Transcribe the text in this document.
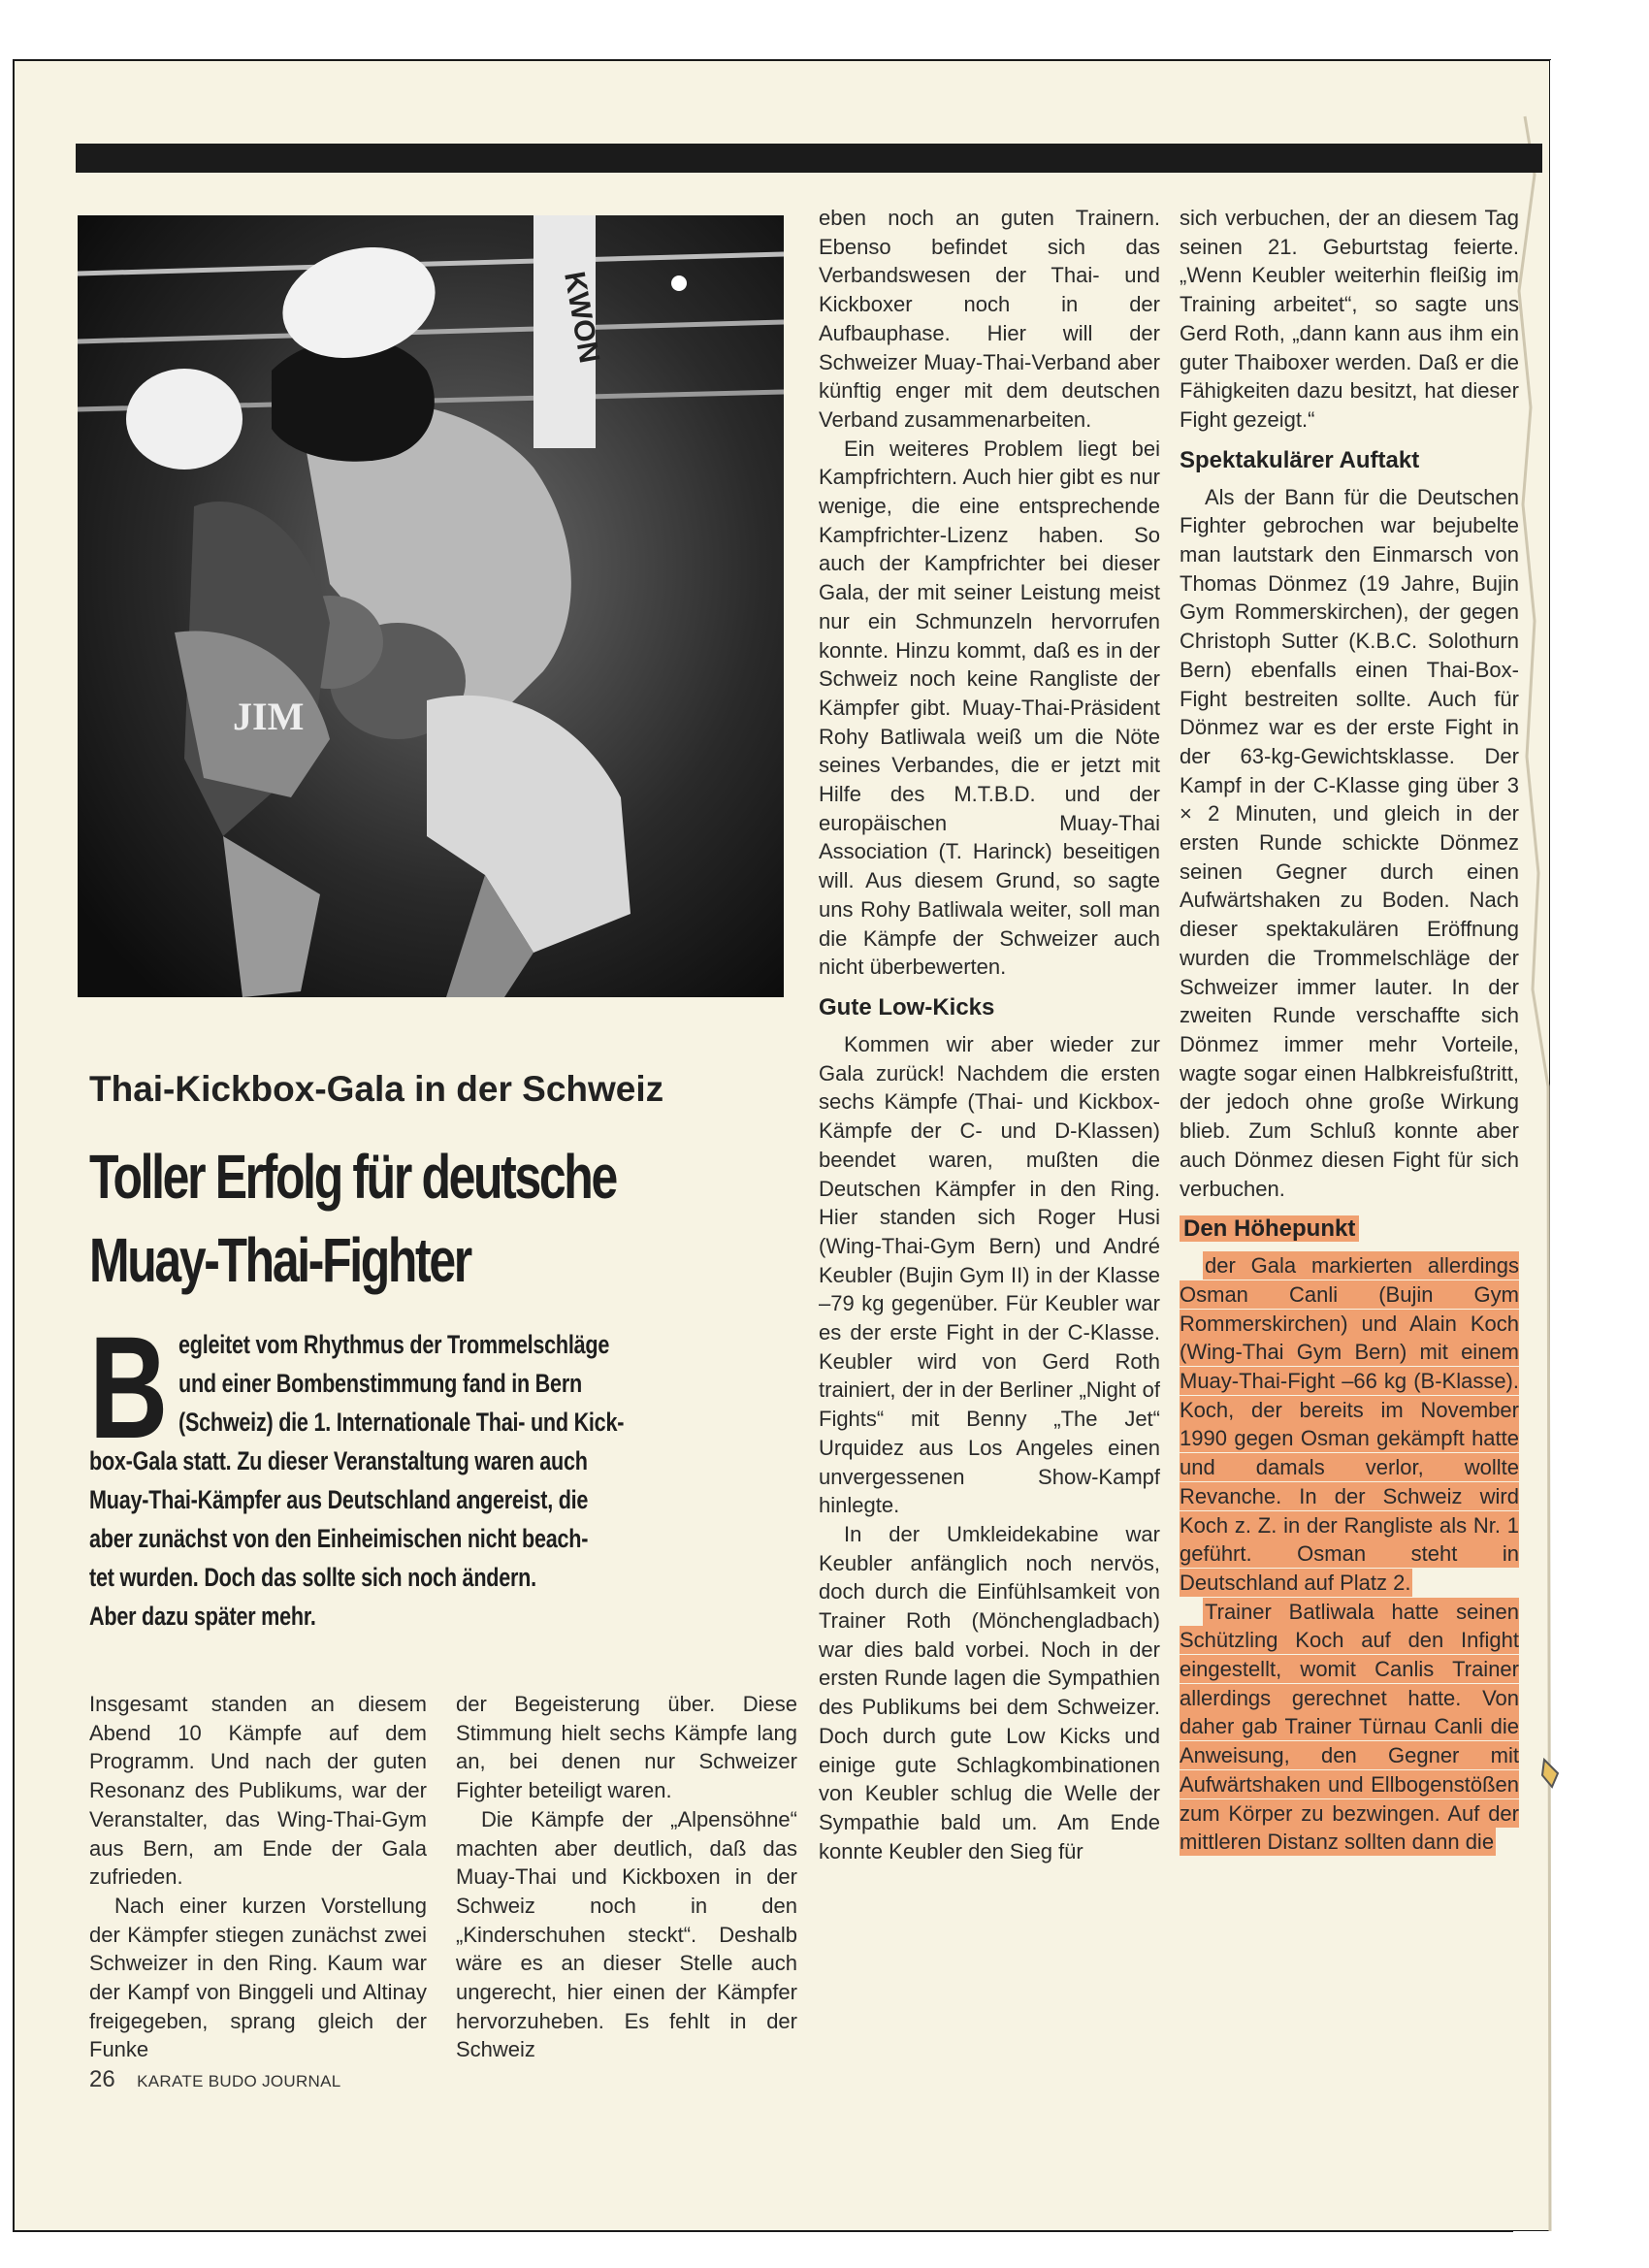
KWON
JIM
Thai-Kickbox-Gala in der Schweiz
Toller Erfolg für deutsche
Muay-Thai-Fighter
B egleitet vom Rhythmus der Trommelschläge
und einer Bombenstimmung fand in Bern
(Schweiz) die 1. Internationale Thai- und Kick-
box-Gala statt. Zu dieser Veranstaltung waren auch
Muay-Thai-Kämpfer aus Deutschland angereist, die
aber zunächst von den Einheimischen nicht beach-
tet wurden. Doch das sollte sich noch ändern.
Aber dazu später mehr.

Insgesamt standen an diesem Abend 10 Kämpfe auf dem Programm. Und nach der guten Resonanz des Publikums, war der Veranstalter, das Wing-Thai-Gym aus Bern, am Ende der Gala zufrieden.

Nach einer kurzen Vorstellung der Kämpfer stiegen zunächst zwei Schweizer in den Ring. Kaum war der Kampf von Binggeli und Altinay freigegeben, sprang gleich der Funke

der Begeisterung über. Diese Stimmung hielt sechs Kämpfe lang an, bei denen nur Schweizer Fighter beteiligt waren.

Die Kämpfe der „Alpensöhne“ machten aber deutlich, daß das Muay-Thai und Kickboxen in der Schweiz noch in den „Kinderschuhen steckt“. Deshalb wäre es an dieser Stelle auch ungerecht, hier einen der Kämpfer hervorzuheben. Es fehlt in der Schweiz

eben noch an guten Trainern. Ebenso befindet sich das Verbandswesen der Thai- und Kickboxer noch in der Aufbauphase. Hier will der Schweizer Muay-Thai-Verband aber künftig enger mit dem deutschen Verband zusammenarbeiten.

Ein weiteres Problem liegt bei Kampfrichtern. Auch hier gibt es nur wenige, die eine entsprechende Kampfrichter-Lizenz haben. So auch der Kampfrichter bei dieser Gala, der mit seiner Leistung meist nur ein Schmunzeln hervorrufen konnte. Hinzu kommt, daß es in der Schweiz noch keine Rangliste der Kämpfer gibt. Muay-Thai-Präsident Rohy Batliwala weiß um die Nöte seines Verbandes, die er jetzt mit Hilfe des M.T.B.D. und der europäischen Muay-Thai Association (T. Harinck) beseitigen will. Aus diesem Grund, so sagte uns Rohy Batliwala weiter, soll man die Kämpfe der Schweizer auch nicht überbewerten.

Gute Low-Kicks

Kommen wir aber wieder zur Gala zurück! Nachdem die ersten sechs Kämpfe (Thai- und Kickbox-Kämpfe der C- und D-Klassen) beendet waren, mußten die Deutschen Kämpfer in den Ring. Hier standen sich Roger Husi (Wing-Thai-Gym Bern) und André Keubler (Bujin Gym II) in der Klasse –79 kg gegenüber. Für Keubler war es der erste Fight in der C-Klasse. Keubler wird von Gerd Roth trainiert, der in der Berliner „Night of Fights“ mit Benny „The Jet“ Urquidez aus Los Angeles einen unvergessenen Show-Kampf hinlegte.

In der Umkleidekabine war Keubler anfänglich noch nervös, doch durch die Einfühlsamkeit von Trainer Roth (Mönchengladbach) war dies bald vorbei. Noch in der ersten Runde lagen die Sympathien des Publikums bei dem Schweizer. Doch durch gute Low Kicks und einige gute Schlagkombinationen von Keubler schlug die Welle der Sympathie bald um. Am Ende konnte Keubler den Sieg für

sich verbuchen, der an diesem Tag seinen 21. Geburtstag feierte. „Wenn Keubler weiterhin fleißig im Training arbeitet“, so sagte uns Gerd Roth, „dann kann aus ihm ein guter Thaiboxer werden. Daß er die Fähigkeiten dazu besitzt, hat dieser Fight gezeigt.“

Spektakulärer Auftakt

Als der Bann für die Deutschen Fighter gebrochen war bejubelte man lautstark den Einmarsch von Thomas Dönmez (19 Jahre, Bujin Gym Rommerskirchen), der gegen Christoph Sutter (K.B.C. Solothurn Bern) ebenfalls einen Thai-Box-Fight bestreiten sollte. Auch für Dönmez war es der erste Fight in der 63-kg-Gewichtsklasse. Der Kampf in der C-Klasse ging über 3 × 2 Minuten, und gleich in der ersten Runde schickte Dönmez seinen Gegner durch einen Aufwärtshaken zu Boden. Nach dieser spektakulären Eröffnung wurden die Trommelschläge der Schweizer immer lauter. In der zweiten Runde verschaffte sich Dönmez immer mehr Vorteile, wagte sogar einen Halbkreisfußtritt, der jedoch ohne große Wirkung blieb. Zum Schluß konnte aber auch Dönmez diesen Fight für sich verbuchen.

Den Höhepunkt

der Gala markierten allerdings Osman Canli (Bujin Gym Rommerskirchen) und Alain Koch (Wing-Thai Gym Bern) mit einem Muay-Thai-Fight –66 kg (B-Klasse). Koch, der bereits im November 1990 gegen Osman gekämpft hatte und damals verlor, wollte Revanche. In der Schweiz wird Koch z. Z. in der Rangliste als Nr. 1 geführt. Osman steht in Deutschland auf Platz 2.

Trainer Batliwala hatte seinen Schützling Koch auf den Infight eingestellt, womit Canlis Trainer allerdings gerechnet hatte. Von daher gab Trainer Türnau Canli die Anweisung, den Gegner mit Aufwärtshaken und Ellbogenstößen zum Körper zu bezwingen. Auf der mittleren Distanz sollten dann die

26 KARATE BUDO JOURNAL
